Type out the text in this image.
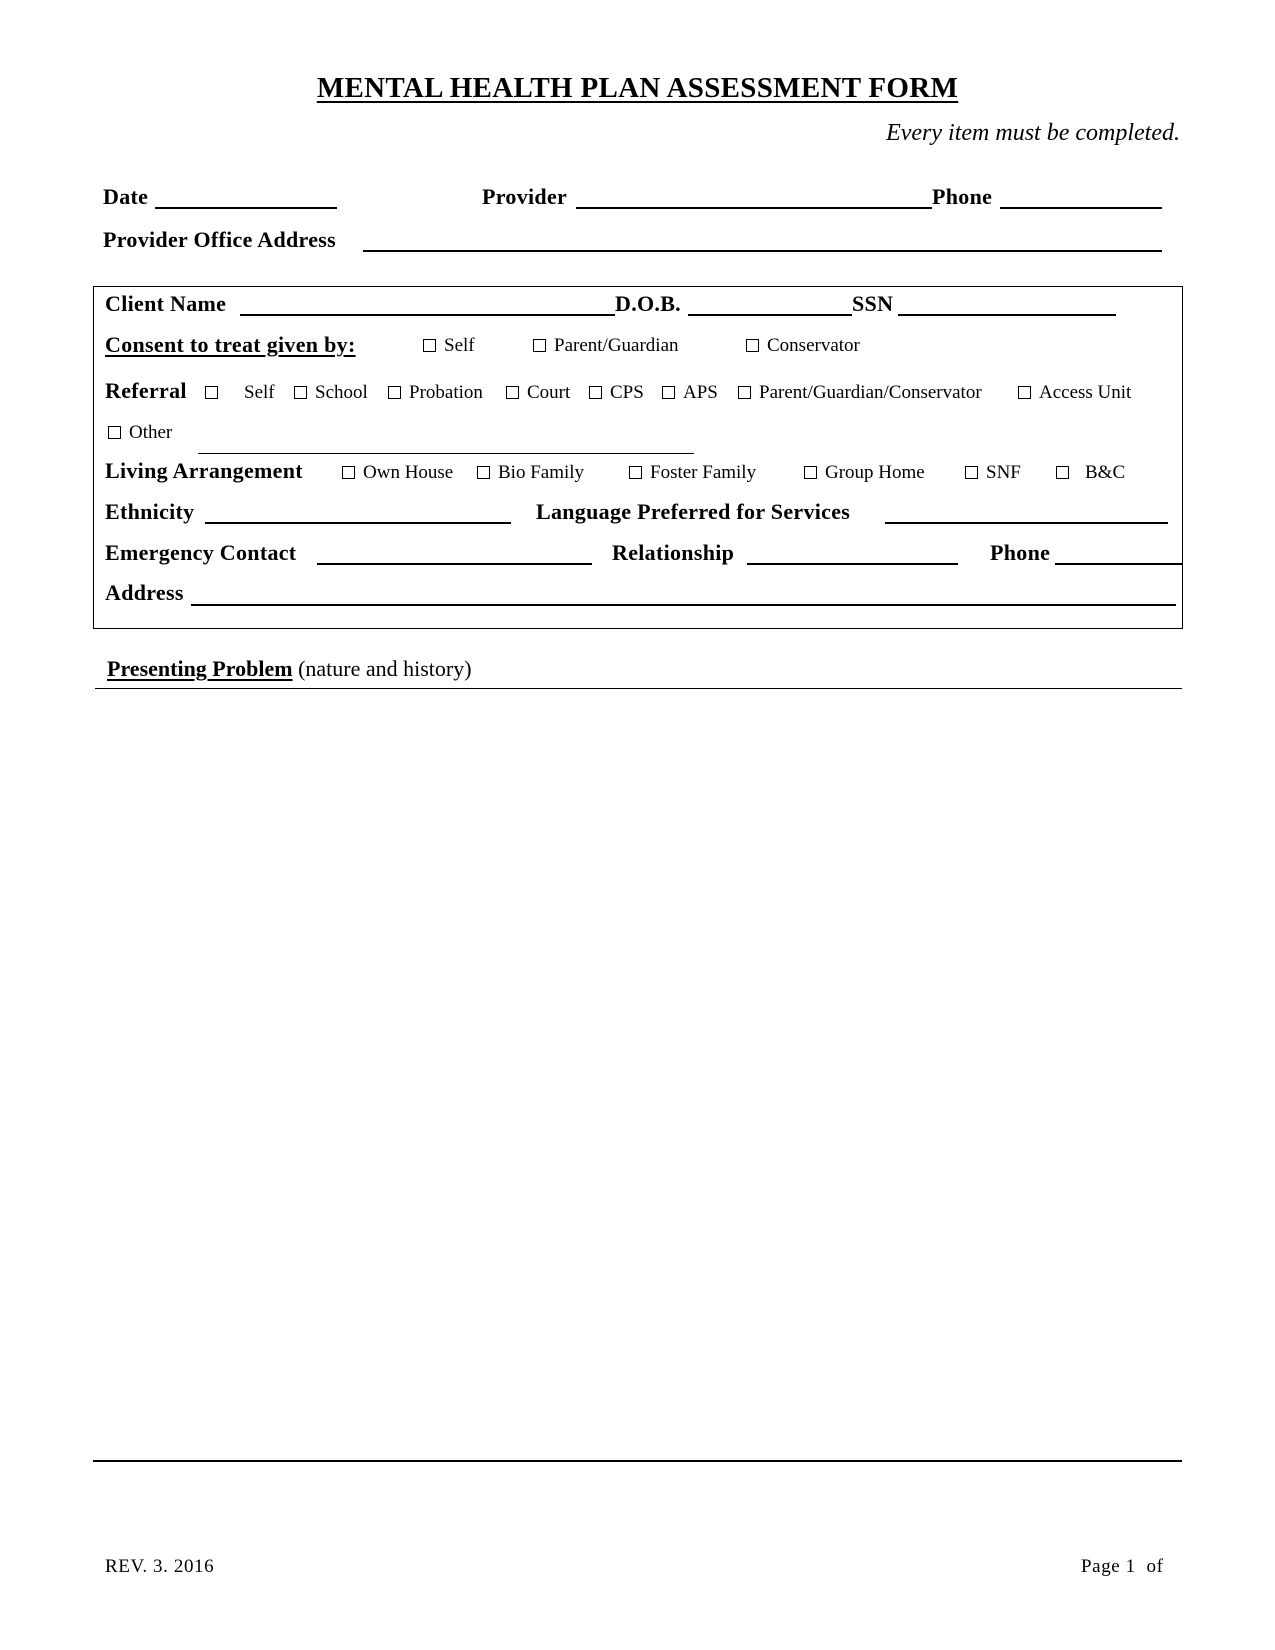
MENTAL HEALTH PLAN ASSESSMENT FORM
Every item must be completed.
Date	Provider	Phone
Provider Office Address
Client Name	D.O.B.	SSN
Consent to treat given by:	Self	Parent/Guardian	Conservator
Referral	Self	School	Probation	Court	CPS	APS	Parent/Guardian/Conservator	Access Unit
Other
Living Arrangement	Own House	Bio Family	Foster Family	Group Home	SNF	B&C
Ethnicity	Language Preferred for Services
Emergency Contact	Relationship	Phone
Address
Presenting Problem (nature and history)
REV. 3. 2016	Page 1  of
